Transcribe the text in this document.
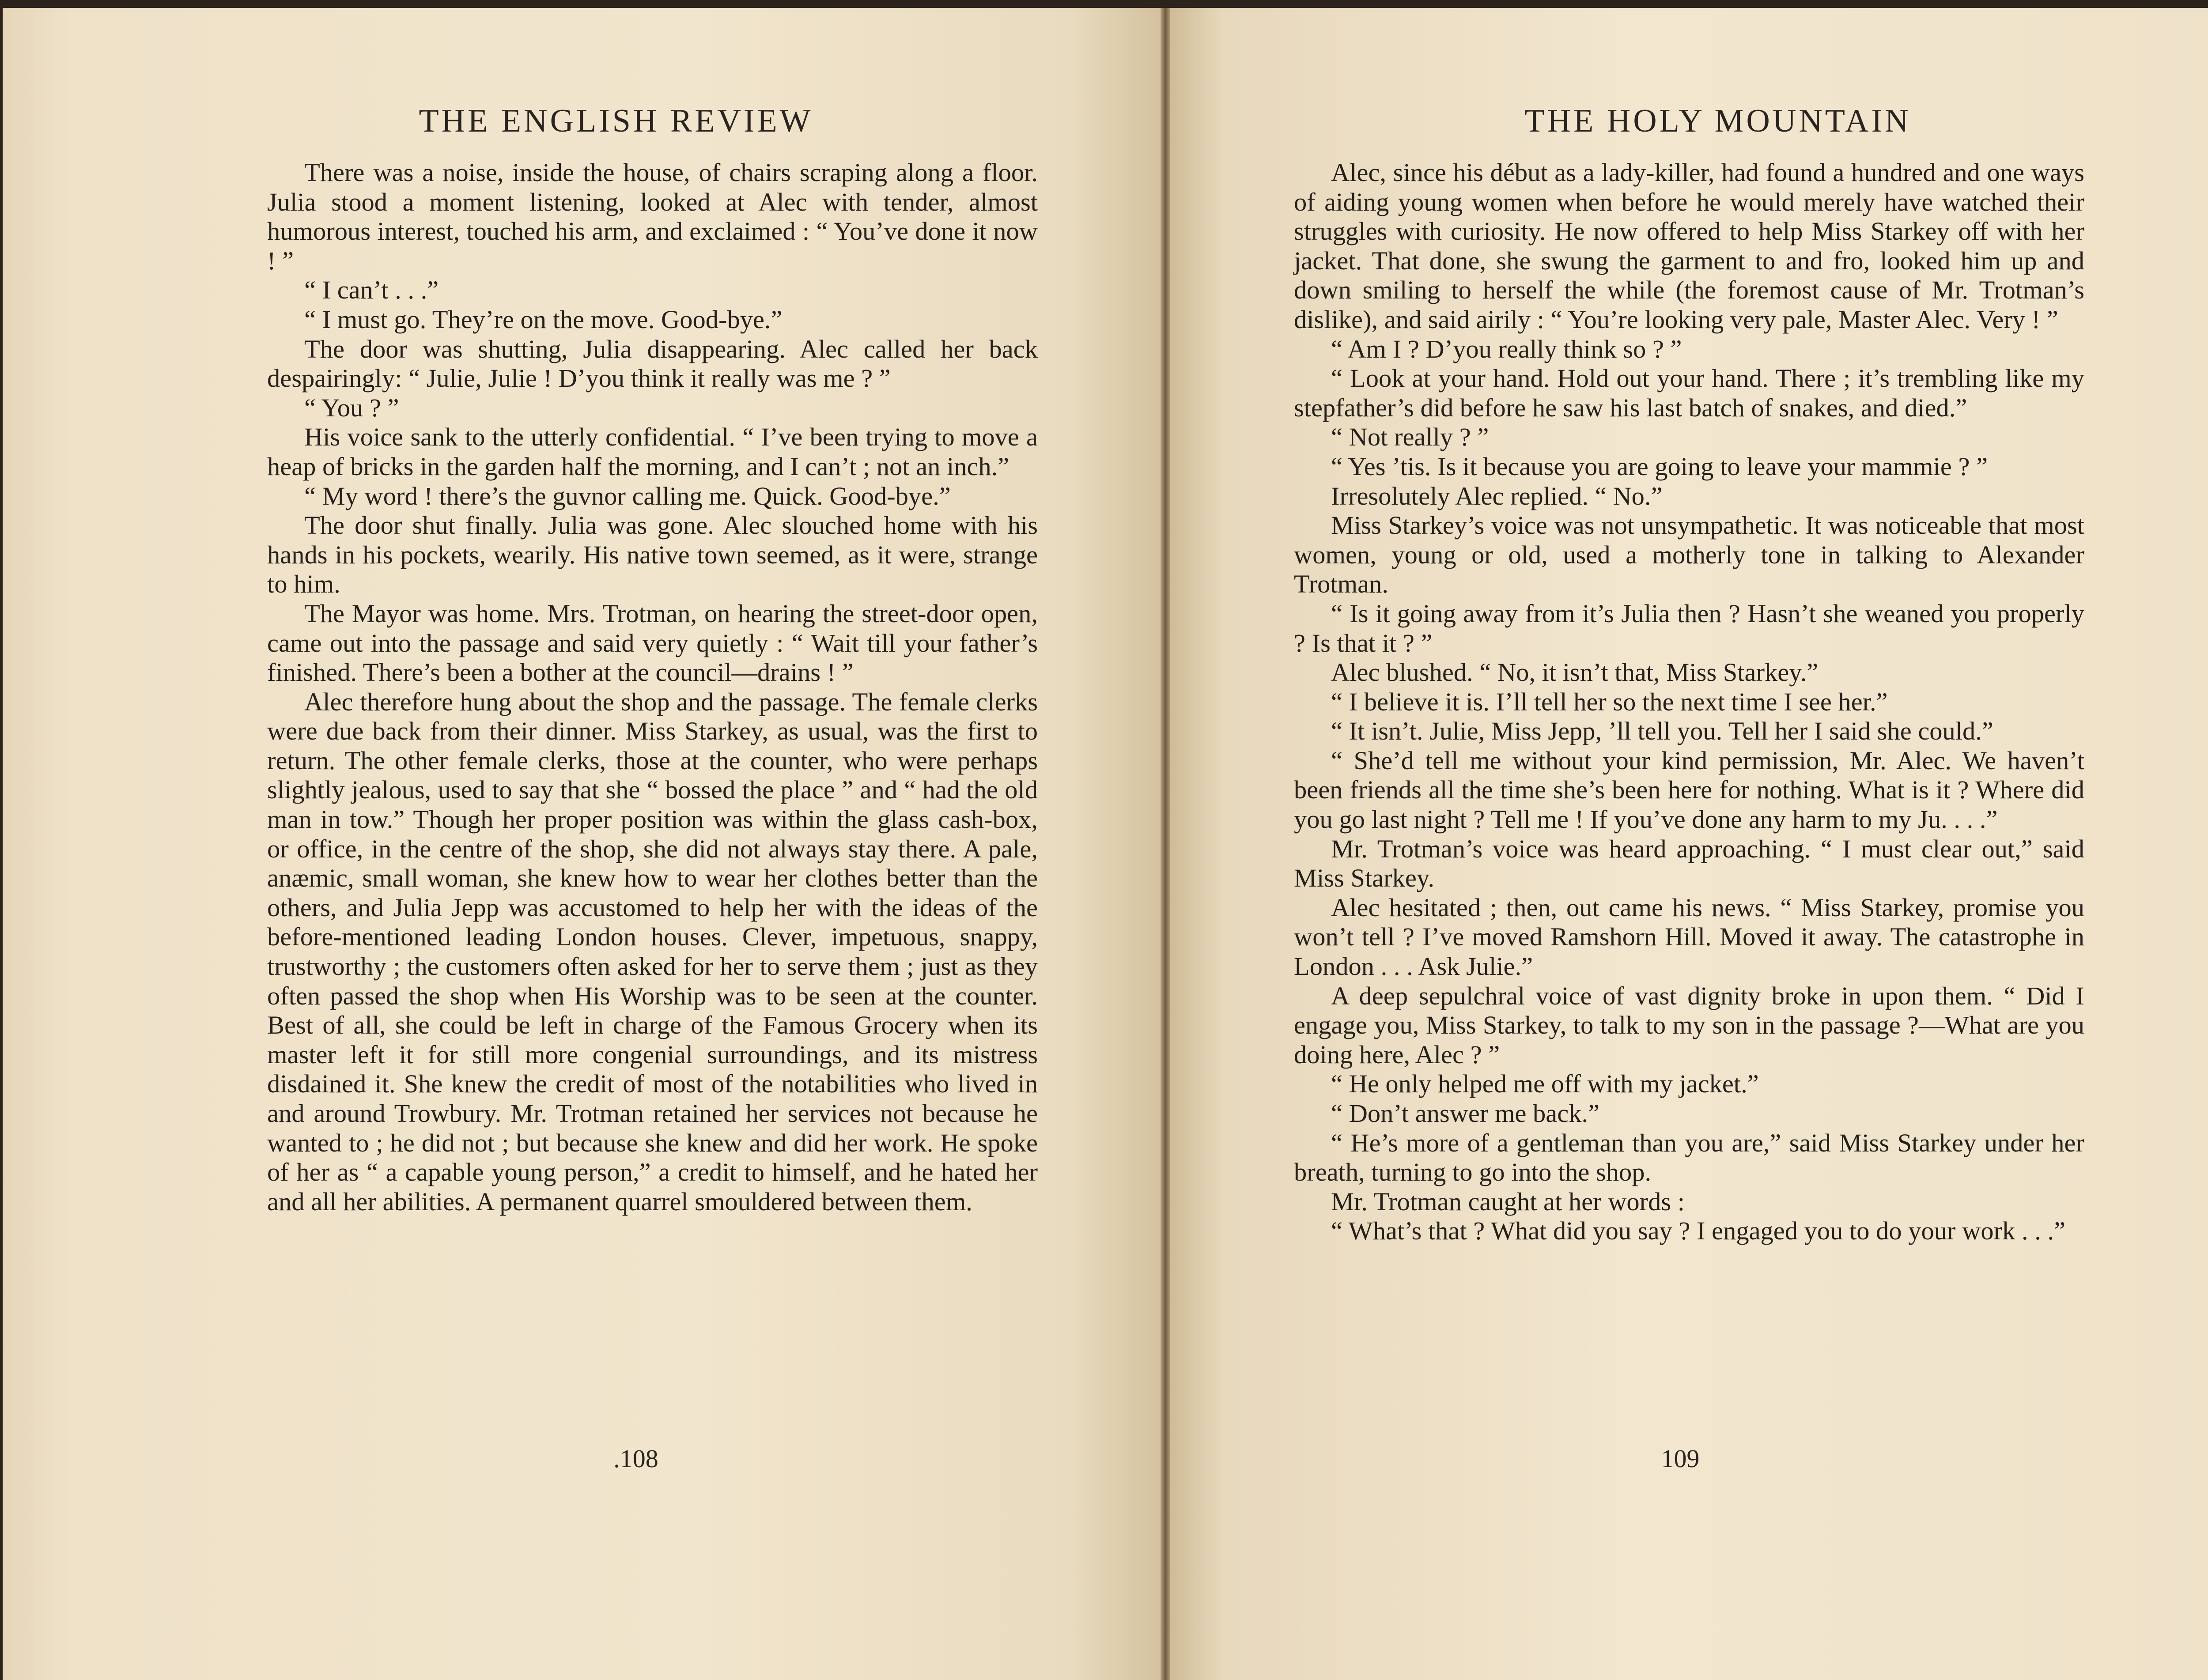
THE ENGLISH REVIEW	THE HOLY MOUNTAIN

There was a noise, inside the house, of chairs scraping along a floor. Julia stood a moment listening, looked at Alec with tender, almost humorous interest, touched his arm, and exclaimed : “ You’ve done it now ! ”

“ I can’t . . .”

“ I must go. They’re on the move. Good-bye.”

The door was shutting, Julia disappearing. Alec called her back despairingly: “ Julie, Julie ! D’you think it really was me ? ”

“ You ? ”

His voice sank to the utterly confidential. “ I’ve been trying to move a heap of bricks in the garden half the morning, and I can’t ; not an inch.”

“ My word ! there’s the guvnor calling me. Quick. Good-bye.”

The door shut finally. Julia was gone. Alec slouched home with his hands in his pockets, wearily. His native town seemed, as it were, strange to him.

The Mayor was home. Mrs. Trotman, on hearing the street-door open, came out into the passage and said very quietly : “ Wait till your father’s finished. There’s been a bother at the council—drains ! ”

Alec therefore hung about the shop and the passage. The female clerks were due back from their dinner. Miss Starkey, as usual, was the first to return. The other female clerks, those at the counter, who were perhaps slightly jealous, used to say that she “ bossed the place ” and “ had the old man in tow.” Though her proper position was within the glass cash-box, or office, in the centre of the shop, she did not always stay there. A pale, anæmic, small woman, she knew how to wear her clothes better than the others, and Julia Jepp was accustomed to help her with the ideas of the before-mentioned leading London houses. Clever, impetuous, snappy, trustworthy ; the customers often asked for her to serve them ; just as they often passed the shop when His Worship was to be seen at the counter. Best of all, she could be left in charge of the Famous Grocery when its master left it for still more congenial surroundings, and its mistress disdained it. She knew the credit of most of the notabilities who lived in and around Trowbury. Mr. Trotman retained her services not because he wanted to ; he did not ; but because she knew and did her work. He spoke of her as “ a capable young person,” a credit to himself, and he hated her and all her abilities. A permanent quarrel smouldered between them.

Alec, since his début as a lady-killer, had found a hundred and one ways of aiding young women when before he would merely have watched their struggles with curiosity. He now offered to help Miss Starkey off with her jacket. That done, she swung the garment to and fro, looked him up and down smiling to herself the while (the foremost cause of Mr. Trotman’s dislike), and said airily : “ You’re looking very pale, Master Alec. Very ! ”

“ Am I ? D’you really think so ? ”

“ Look at your hand. Hold out your hand. There ; it’s trembling like my stepfather’s did before he saw his last batch of snakes, and died.”

“ Not really ? ”

“ Yes ’tis. Is it because you are going to leave your mammie ? ”

Irresolutely Alec replied. “ No.”

Miss Starkey’s voice was not unsympathetic. It was noticeable that most women, young or old, used a motherly tone in talking to Alexander Trotman.

“ Is it going away from it’s Julia then ? Hasn’t she weaned you properly ? Is that it ? ”

Alec blushed. “ No, it isn’t that, Miss Starkey.”

“ I believe it is. I’ll tell her so the next time I see her.”

“ It isn’t. Julie, Miss Jepp, ’ll tell you. Tell her I said she could.”

“ She’d tell me without your kind permission, Mr. Alec. We haven’t been friends all the time she’s been here for nothing. What is it ? Where did you go last night ? Tell me ! If you’ve done any harm to my Ju. . . .”

Mr. Trotman’s voice was heard approaching. “ I must clear out,” said Miss Starkey.

Alec hesitated ; then, out came his news. “ Miss Starkey, promise you won’t tell ? I’ve moved Ramshorn Hill. Moved it away. The catastrophe in London . . . Ask Julie.”

A deep sepulchral voice of vast dignity broke in upon them. “ Did I engage you, Miss Starkey, to talk to my son in the passage ?—What are you doing here, Alec ? ”

“ He only helped me off with my jacket.”

“ Don’t answer me back.”

“ He’s more of a gentleman than you are,” said Miss Starkey under her breath, turning to go into the shop.

Mr. Trotman caught at her words :

“ What’s that ? What did you say ? I engaged you to do your work . . .”

.108	109
